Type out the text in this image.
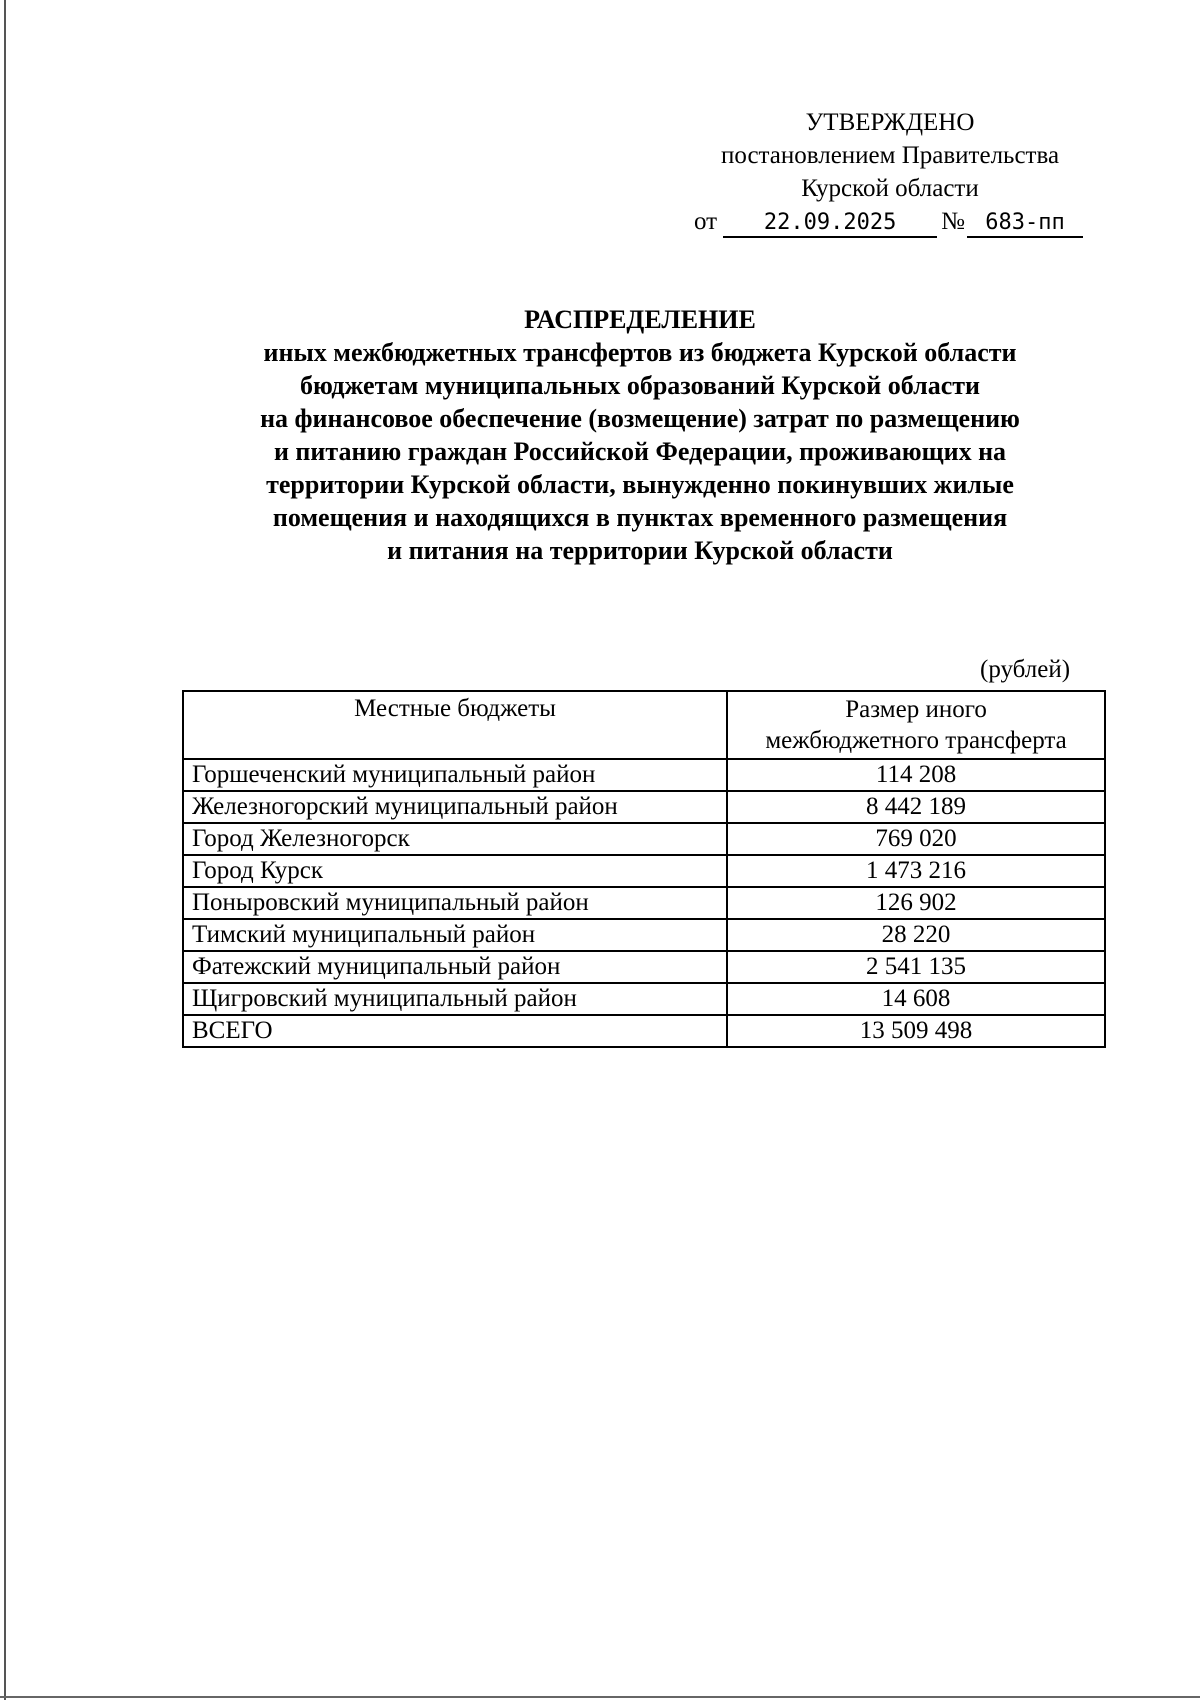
УТВЕРЖДЕНО
постановлением Правительства
Курской области
от 22.09.2025 № 683-пп
РАСПРЕДЕЛЕНИЕ
иных межбюджетных трансфертов из бюджета Курской области
бюджетам муниципальных образований Курской области
на финансовое обеспечение (возмещение) затрат по размещению
и питанию граждан Российской Федерации, проживающих на
территории Курской области, вынужденно покинувших жилые
помещения и находящихся в пунктах временного размещения
и питания на территории Курской области
(рублей)
Местные бюджеты	Размер иного
межбюджетного трансферта
Горшеченский муниципальный район	114 208
Железногорский муниципальный район	8 442 189
Город Железногорск	769 020
Город Курск	1 473 216
Поныровский муниципальный район	126 902
Тимский муниципальный район	28 220
Фатежский муниципальный район	2 541 135
Щигровский муниципальный район	14 608
ВСЕГО	13 509 498
